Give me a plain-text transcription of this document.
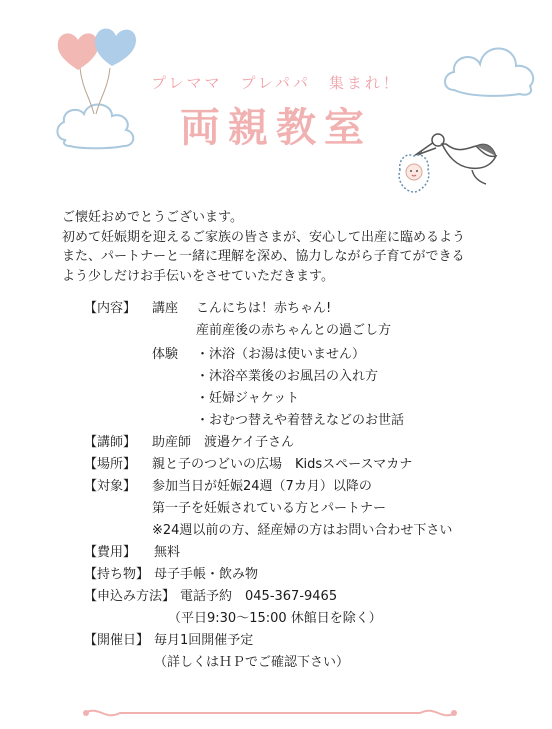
プレママ　プレパパ　集まれ！
両親教室

ご懐妊おめでとうございます。

初めて妊娠期を迎えるご家族の皆さまが、安心して出産に臨めるよう

また、パートナーと一緒に理解を深め、協力しながら子育てができる

よう少しだけお手伝いをさせていただきます。

【内容】 講座 こんにちは！赤ちゃん!
産前産後の赤ちゃんとの過ごし方
体験 ・沐浴（お湯は使いません）
・沐浴卒業後のお風呂の入れ方
・妊婦ジャケット
・おむつ替えや着替えなどのお世話
【講師】 助産師　渡邉ケイ子さん
【場所】 親と子のつどいの広場　Kidsスペースマカナ
【対象】 参加当日が妊娠24週（7カ月）以降の
第一子を妊娠されている方とパートナー
※24週以前の方、経産婦の方はお問い合わせ下さい
【費用】 無料
【持ち物】 母子手帳・飲み物
【申込み方法】 電話予約　045-367-9465
（平日9:30～15:00 休館日を除く）
【開催日】 毎月1回開催予定
（詳しくはＨＰでご確認下さい）
